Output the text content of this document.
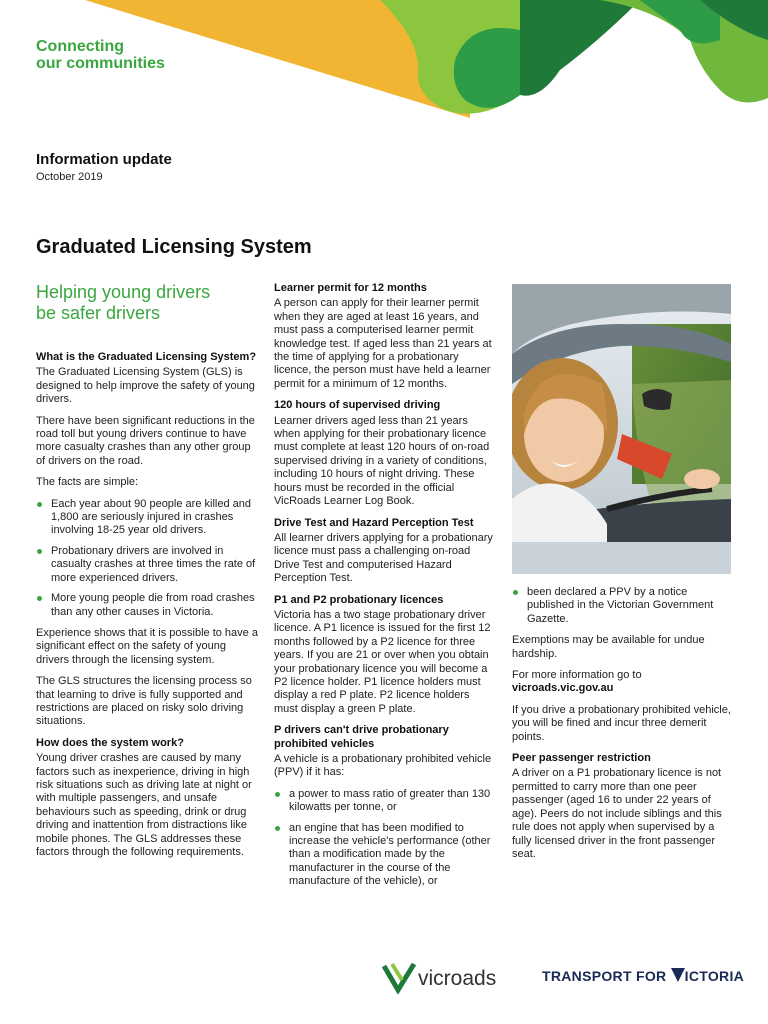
Connecting
our communities
Information update
October 2019
Graduated Licensing System
Helping young drivers
be safer drivers
What is the Graduated Licensing System?

The Graduated Licensing System (GLS) is designed to help improve the safety of young drivers.

There have been significant reductions in the road toll but young drivers continue to have more casualty crashes than any other group of drivers on the road.

The facts are simple:

Each year about 90 people are killed and 1,800 are seriously injured in crashes involving 18-25 year old drivers.
Probationary drivers are involved in casualty crashes at three times the rate of more experienced drivers.
More young people die from road crashes than any other causes in Victoria.

Experience shows that it is possible to have a significant effect on the safety of young drivers through the licensing system.

The GLS structures the licensing process so that learning to drive is fully supported and restrictions are placed on risky solo driving situations.

How does the system work?

Young driver crashes are caused by many factors such as inexperience, driving in high risk situations such as driving late at night or with multiple passengers, and unsafe behaviours such as speeding, drink or drug driving and inattention from distractions like mobile phones. The GLS addresses these factors through the following requirements.

Learner permit for 12 months

A person can apply for their learner permit when they are aged at least 16 years, and must pass a computerised learner permit knowledge test. If aged less than 21 years at the time of applying for a probationary licence, the person must have held a learner permit for a minimum of 12 months.

120 hours of supervised driving

Learner drivers aged less than 21 years when applying for their probationary licence must complete at least 120 hours of on-road supervised driving in a variety of conditions, including 10 hours of night driving. These hours must be recorded in the official VicRoads Learner Log Book.

Drive Test and Hazard Perception Test

All learner drivers applying for a probationary licence must pass a challenging on-road Drive Test and computerised Hazard Perception Test.

P1 and P2 probationary licences

Victoria has a two stage probationary driver licence. A P1 licence is issued for the first 12 months followed by a P2 licence for three years. If you are 21 or over when you obtain your probationary licence you will become a P2 licence holder. P1 licence holders must display a red P plate. P2 licence holders must display a green P plate.

P drivers can't drive probationary prohibited vehicles

A vehicle is a probationary prohibited vehicle (PPV) if it has:

a power to mass ratio of greater than 130 kilowatts per tonne, or
an engine that has been modified to increase the vehicle's performance (other than a modification made by the manufacturer in the course of the manufacture of the vehicle), or
been declared a PPV by a notice published in the Victorian Government Gazette.

Exemptions may be available for undue hardship.

For more information go to
vicroads.vic.gov.au

If you drive a probationary prohibited vehicle, you will be fined and incur three demerit points.

Peer passenger restriction

A driver on a P1 probationary licence is not permitted to carry more than one peer passenger (aged 16 to under 22 years of age). Peers do not include siblings and this rule does not apply when supervised by a fully licensed driver in the front passenger seat.

vicroads	TRANSPORT FOR ICTORIA
